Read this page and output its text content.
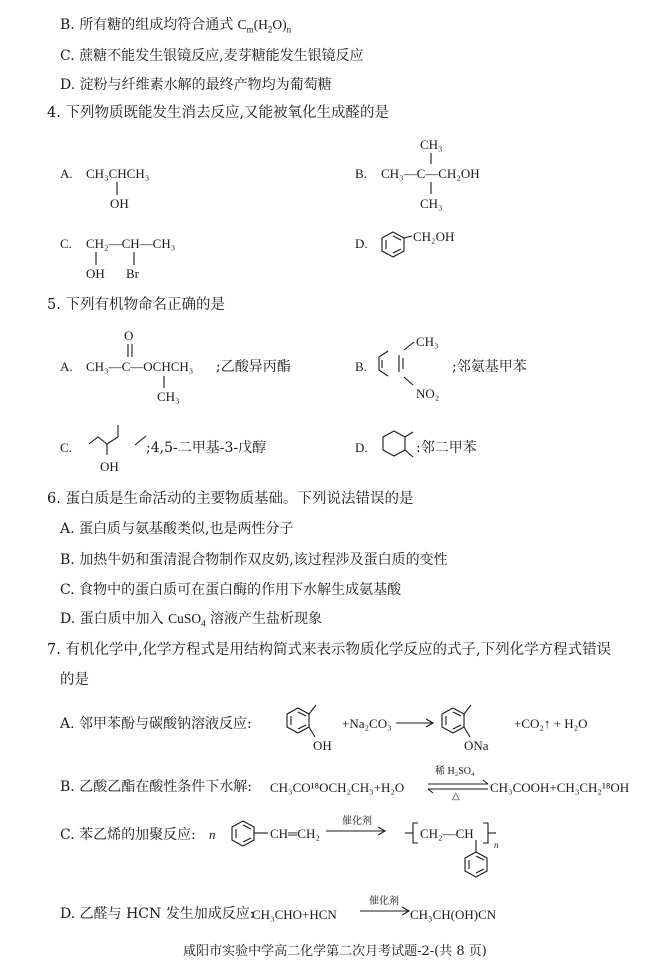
B. 所有糖的组成均符合通式 $C_m(H_2O)_n$
C. 蔗糖不能发生银镜反应,麦芽糖能发生银镜反应
D. 淀粉与纤维素水解的最终产物均为葡萄糖
4. 下列物质既能发生消去反应,又能被氧化生成醛的是
A. CH₃CHCH₃
OH
B.
CH₃
CH₃—C—CH₂OH
CH₃
C. CH₂—CH—CH₃
OH Br
D.	CH₂OH
5. 下列有机物命名正确的是
A.
O
CH₃—C—OCHCH₃
CH₃
;乙酸异丙酯	B.
CH₃
NO₂
;邻氨基甲苯
C.
OH
;4,5-二甲基-3-戊醇	D.	:邻二甲苯
6. 蛋白质是生命活动的主要物质基础。下列说法错误的是
A. 蛋白质与氨基酸类似,也是两性分子
B. 加热牛奶和蛋清混合物制作双皮奶,该过程涉及蛋白质的变性
C. 食物中的蛋白质可在蛋白酶的作用下水解生成氨基酸
D. 蛋白质中加入 CuSO$_4$ 溶液产生盐析现象
7. 有机化学中,化学方程式是用结构简式来表示物质化学反应的式子,下列化学方程式错误
的是
A. 邻甲苯酚与碳酸钠溶液反应:
OH
+Na₂CO₃
ONa
+CO₂↑ + H₂O
B. 乙酸乙酯在酸性条件下水解: CH₃CO¹⁸OCH₂CH₃+H₂O
稀 H₂SO₄
△
CH₃COOH+CH₃CH₂¹⁸OH
C. 苯乙烯的加聚反应: n	CH═CH₂
催化剂
CH₂—CH
n
D. 乙醛与 HCN 发生加成反应:
CH₃CHO+HCN
催化剂
CH₃CH(OH)CN
咸阳市实验中学高二化学第二次月考试题-2-(共 8 页)
